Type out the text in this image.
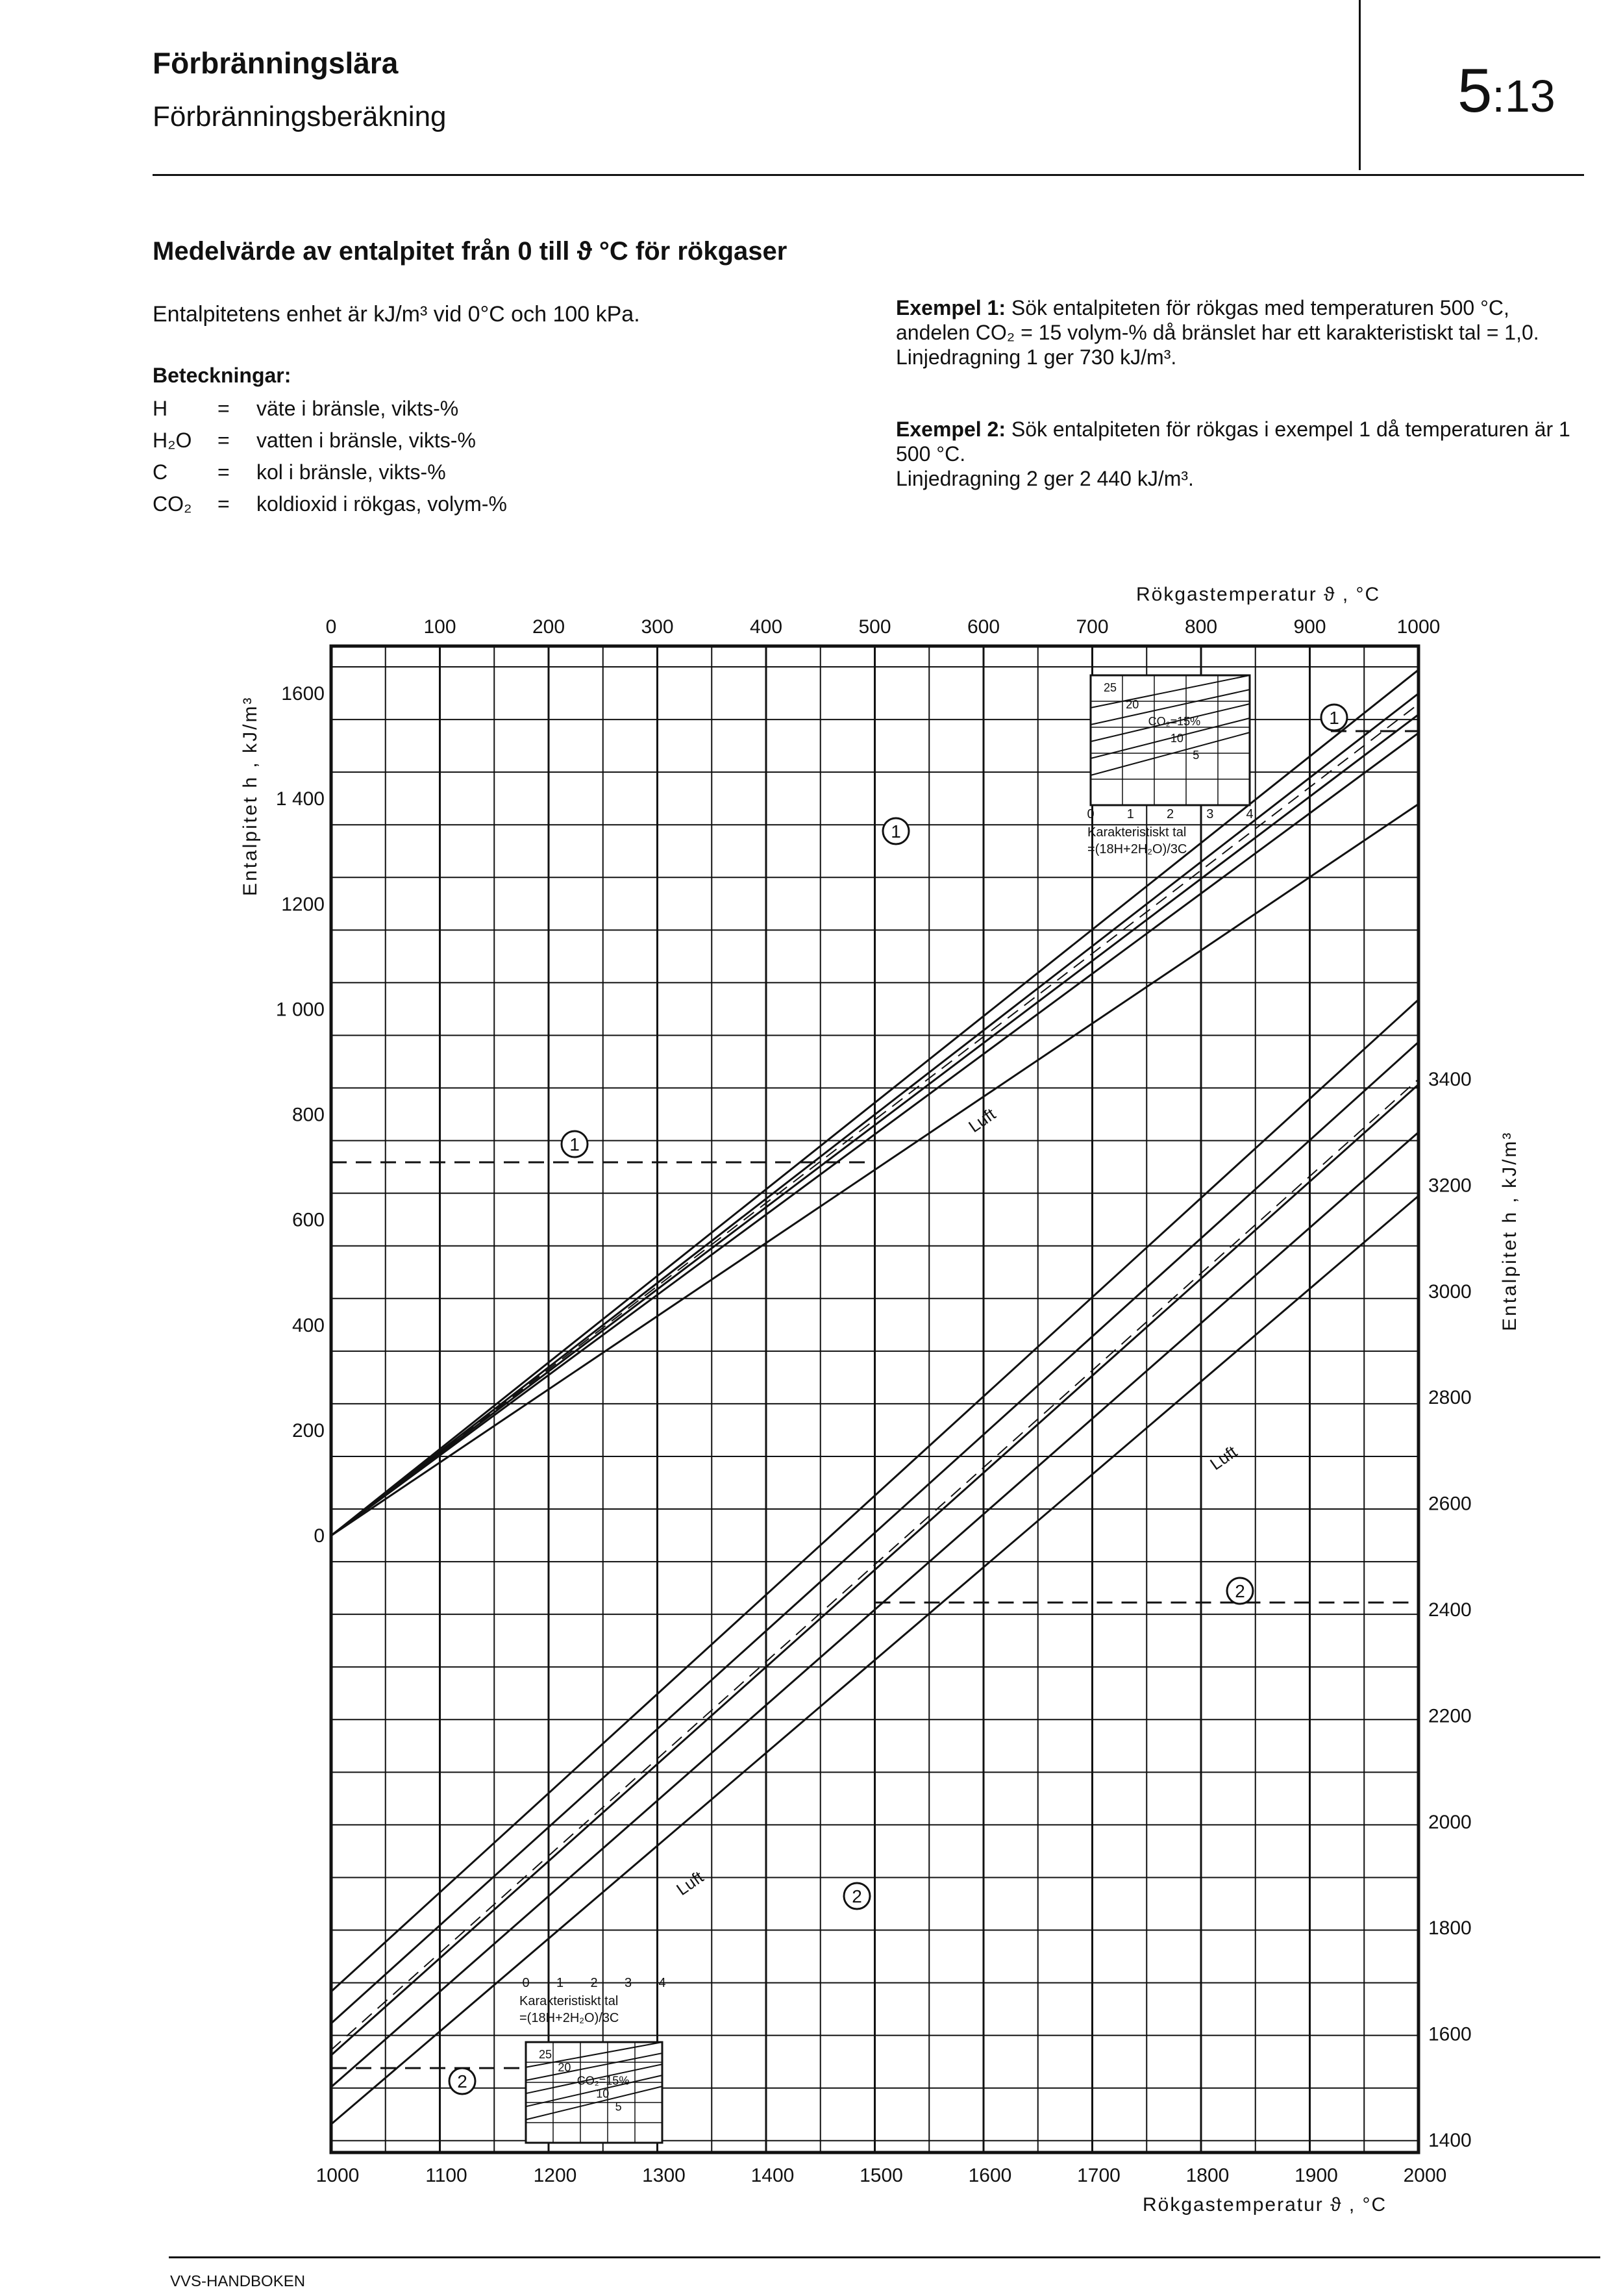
Förbränningslära
Förbränningsberäkning	5:13
Medelvärde av entalpitet från 0 till ϑ °C för rökgaser
Entalpitetens enhet är kJ/m³ vid 0°C och 100 kPa.
Beteckningar:
H	=	väte i bränsle, vikts-%
H₂O	=	vatten i bränsle, vikts-%
C	=	kol i bränsle, vikts-%
CO₂	=	koldioxid i rökgas, volym-%
Exempel 1: Sök entalpiteten för rökgas med temperaturen 500 °C, andelen CO₂ = 15 volym-% då bränslet har ett karakteristiskt tal = 1,0.
Linjedragning 1 ger 730 kJ/m³.
Exempel 2: Sök entalpiteten för rökgas i exempel 1 då temperaturen är 1 500 °C.
Linjedragning 2 ger 2 440 kJ/m³.
0	100	200	300	400	500	600	700	800	900	1000
1000	1100	1200	1300	1400	1500	1600	1700	1800	1900	2000
0
200
400
600
800
1 000
1200
1 400
1600
1400
1600
1800
2000
2200
2400
2600
2800
3000
3200
3400
Rökgastemperatur ϑ , °C
Rökgastemperatur ϑ , °C
Entalpitet h , kJ/m³
Entalpitet h , kJ/m³
Luft
Luft
Luft
1
1
1
2
2
2
25
20
CO₂=15%
10
5
0	1	2	3	4
Karakteristiskt tal
=(18H+2H₂O)/3C
25
20
CO₂=15%
10
5
0 1 2 3 4
Karakteristiskt tal
=(18H+2H₂O)/3C
VVS-HANDBOKEN
